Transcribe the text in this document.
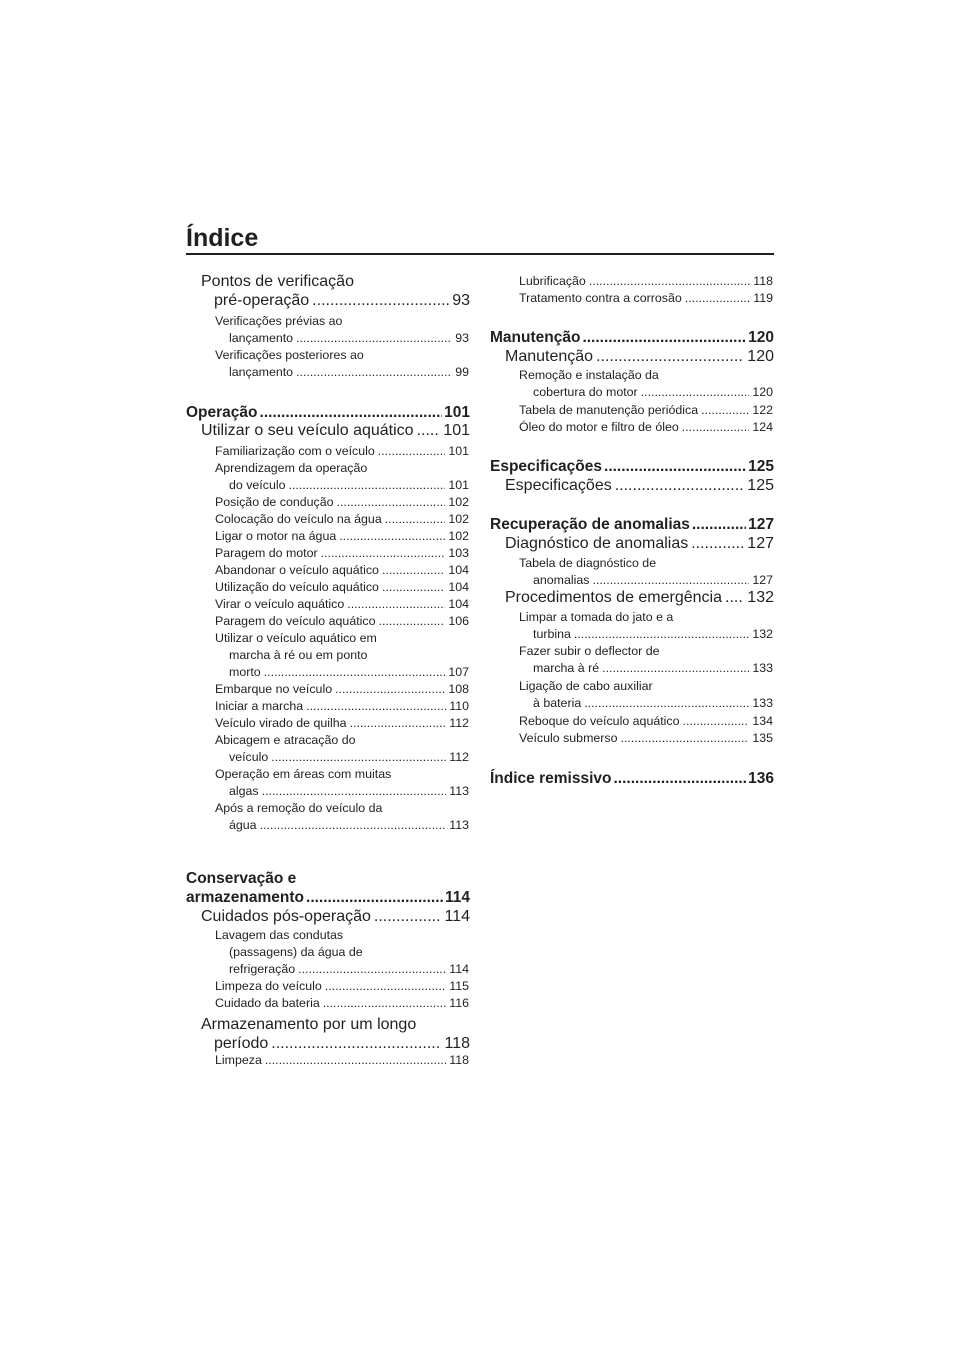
Índice
Pontos de verificação
pré-operação .....	93
Verificações prévias ao
lançamento .....	93
Verificações posteriores ao
lançamento .....	99
Operação .....	101
Utilizar o seu veículo aquático ..... 101
Familiarização com o veículo .....	101
Aprendizagem da operação
do veículo .....	101
Posição de condução .....	102
Colocação do veículo na água .....	102
Ligar o motor na água .....	102
Paragem do motor .....	103
Abandonar o veículo aquático .....	104
Utilização do veículo aquático .....	104
Virar o veículo aquático .....	104
Paragem do veículo aquático .....	106
Utilizar o veículo aquático em
marcha à ré ou em ponto
morto .....	107
Embarque no veículo .....	108
Iniciar a marcha .....	110
Veículo virado de quilha .....	112
Abicagem e atracação do
veículo .....	112
Operação em áreas com muitas
algas .....	113
Após a remoção do veículo da
água .....	113
Conservação e
armazenamento .....	114
Cuidados pós-operação .....	114
Lavagem das condutas
(passagens) da água de
refrigeração .....	114
Limpeza do veículo .....	115
Cuidado da bateria .....	116
Armazenamento por um longo
período .....	118
Limpeza .....	118
Lubrificação .....	118
Tratamento contra a corrosão .....	119
Manutenção .....	120
Manutenção .....	120
Remoção e instalação da
cobertura do motor .....	120
Tabela de manutenção periódica .....	122
Óleo do motor e filtro de óleo .....	124
Especificações .....	125
Especificações .....	125
Recuperação de anomalias .....	127
Diagnóstico de anomalias .....	127
Tabela de diagnóstico de
anomalias .....	127
Procedimentos de emergência ..... 132
Limpar a tomada do jato e a
turbina .....	132
Fazer subir o deflector de
marcha à ré .....	133
Ligação de cabo auxiliar
à bateria .....	133
Reboque do veículo aquático .....	134
Veículo submerso .....	135
Índice remissivo .....	136
